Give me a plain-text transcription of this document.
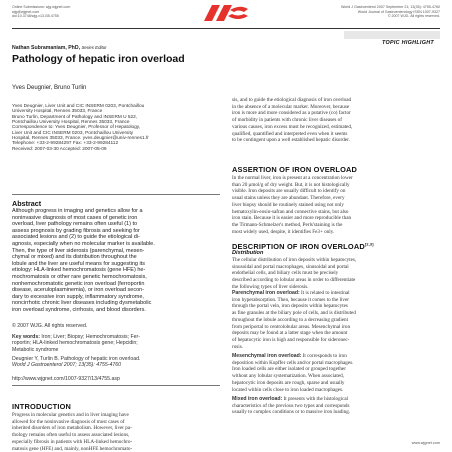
Online Submissions: wjg.wjgnet.com
wjg@wjgnet.com
doi:10.3748/wjg.v13.i35.4755
World J Gastroenterol 2007 September 21; 13(35): 4755-4760
World Journal of Gastroenterology ISSN 1007-9327
© 2007 WJG. All rights reserved.
TOPIC HIGHLIGHT
Nathan Subramaniam, PhD, Series Editor
Pathology of hepatic iron overload
Yves Deugnier, Bruno Turlin

Yves Deugnier, Liver Unit and CIC INSERM 0203, Pontchaillou

University Hospital, Rennes 35033, France

Bruno Turlin, Department of Pathology and INSERM U 522,

Pontchaillou University Hospital, Rennes 35033, France

Correspondence to: Yves Deugnier, Professor of Hepatology,

Liver Unit and CIC INSERM 0203, Pontchaillou University

Hospital, Rennes 35033, France. yves.deugnier@univ-rennes1.fr

Telephone: +33-2-99284297 Fax: +33-2-99284112

Received: 2007-03-30 Accepted: 2007-05-09

Abstract

Although progress in imaging and genetics allow for a

noninvasive diagnosis of most cases of genetic iron

overload, liver pathology remains often useful (1) to

assess prognosis by grading fibrosis and seeking for

associated lesions and (2) to guide the etiological di-

agnosis, especially when no molecular marker is available.

Then, the type of liver siderosis (parenchymal, mesen-

chymal or mixed) and its distribution throughout the

lobule and the liver are useful means for suggesting its

etiology: HLA-linked hemochromatosis (gene HFE) he-

mochromatosis or other rare genetic hemochromatosis,

nonhemochromatotic genetic iron overload (ferroportin

disease, aceruloplasminemia), or iron overload secon-

dary to excessive iron supply, inflammatory syndrome,

noncirrhotic chronic liver diseases including dysmetabolic

iron overload syndrome, cirrhosis, and blood disorders.

© 2007 WJG. All rights reserved.
Key words: Iron; Liver; Biopsy; Hemochromatosis; Fer-
roportin; HLA-linked hemochromatosis gene; Hepcidin;
Metabolic syndrome
Deugnier Y, Turlin B. Pathology of hepatic iron overload.
World J Gastroenterol 2007; 13(35): 4755-4760
http://www.wjgnet.com/1007-9327/13/4755.asp
INTRODUCTION

Progress in molecular genetics and in liver imaging have

allowed for the noninvasive diagnosis of most cases of

inherited disorders of iron metabolism. However, liver pa-

thology remains often useful to assess associated lesions,

especially fibrosis in patients with HLA-linked hemochro-

matosis gene (HFE) and, mainly, nonHFE hemochromato-

sis, and to guide the etiological diagnosis of iron overload

in the absence of a molecular marker. Moreover, because

iron is more and more considered as a putative (co) factor

of morbidity in patients with chronic liver diseases of

various causes, iron excess must be recognized, estimated,

qualified, quantified and interpreted even when it seems

to be contingent upon a well established hepatic disorder.

ASSERTION OF IRON OVERLOAD

In the normal liver, iron is present at a concentration lower

than 20 μmol/g of dry weight. But, it is not histologically

visible. Iron deposits are usually difficult to identify on

usual stains unless they are abundant. Therefore, every

liver biopsy should be routinely stained using not only

hematoxylin-eosin-safran and connective stains, but also

iron stain. Because it is easier and more reproducible than

the Tirmann-Schmelzer's method, Perls'staining is the

most widely used, despite, it identifies Fe3+ only.

DESCRIPTION OF IRON OVERLOAD[2,3]
Distribution

The cellular distribution of iron deposits within hepatocytes,

sinusoidal and portal macrophages, sinusoidal and portal

endothelial cells, and biliary cells must be precisely

described according to lobular areas in order to differentiate

the following types of liver siderosis.

Parenchymal iron overload: It is related to intestinal

iron hyperabsorption. Then, because it comes to the liver

through the portal vein, iron deposits within hepatocytes

as fine granules at the biliary pole of cells, and is distributed

throughout the lobule according to a decreasing gradient

from periportal to centrolobular areas. Mesenchymal iron

deposits may be found at a latter stage when the amount

of hepatocytic iron is high and responsible for sideronec-

rosis.

Mesenchymal iron overload: It corresponds to iron

deposition within Kupffer cells and/or portal macrophages.

Iron loaded cells are either isolated or grouped together

without any lobular systematization. When associated,

hepatocytic iron deposits are rough, sparse and usually

located within cells close to iron loaded macrophages.

Mixed iron overload: It presents with the histological

characteristics of the previous two types and corresponds

usually to complex conditions or to massive iron loading.

www.wjgnet.com
